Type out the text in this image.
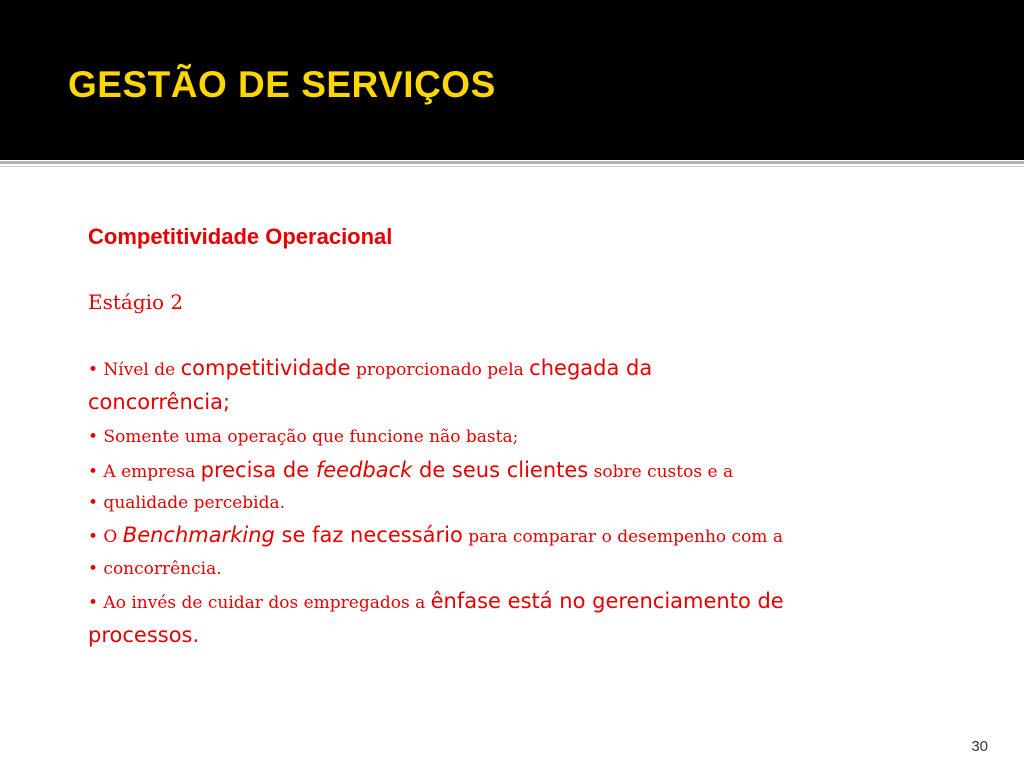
GESTÃO DE SERVIÇOS
Competitividade Operacional
Estágio 2
• Nível de competitividade proporcionado pela chegada da
concorrência;
• Somente uma operação que funcione não basta;
• A empresa precisa de feedback de seus clientes sobre custos e a
• qualidade percebida.
• O Benchmarking se faz necessário para comparar o desempenho com a
• concorrência.
• Ao invés de cuidar dos empregados a ênfase está no gerenciamento de
processos.
30
